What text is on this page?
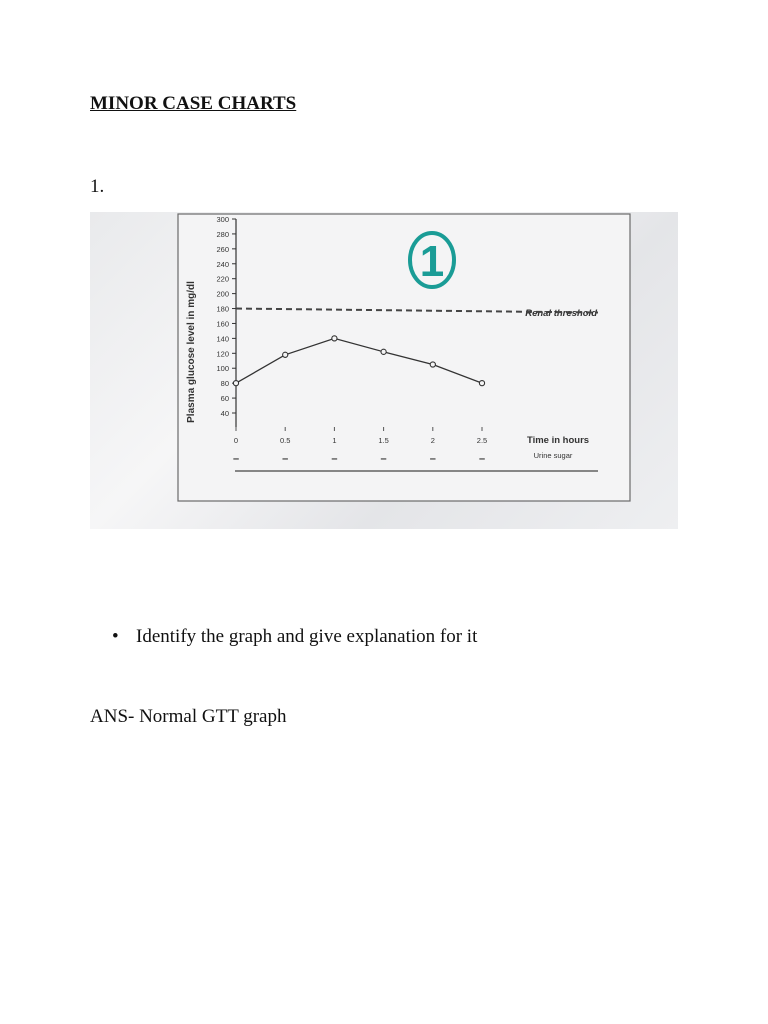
MINOR CASE CHARTS
1.
1
Plasma glucose level in mg/dl	Renal threshold
Time in hours
Urine sugar
40
60
80
100
120
140
160
180
200
220
240
260
280
300
0	0.5	1	1.5	2	2.5
–	–	–	–	–	–
• Identify the graph and give explanation for it
ANS- Normal GTT graph
